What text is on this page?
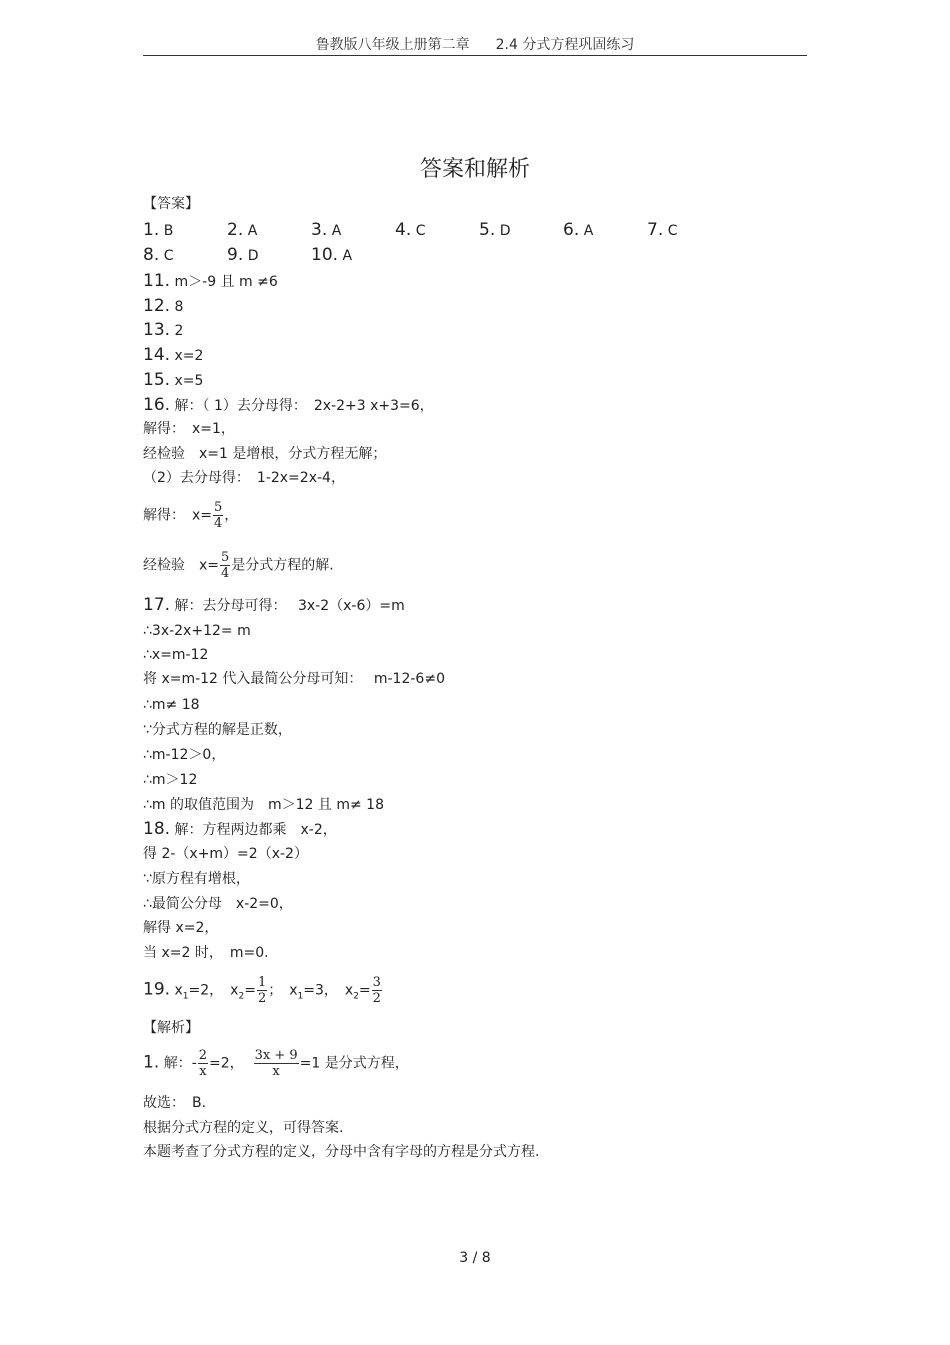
鲁教版八年级上册第二章 2.4 分式方程巩固练习
答案和解析
【答案】
1. B	2. A	3. A	4. C	5. D	6. A	7. C
8. C	9. D	10. A
11. m＞-9 且 m ≠6
12. 8
13. 2
14. x=2
15. x=5
16. 解：（ 1）去分母得：　2x-2+3 x+3=6，
解得：　x=1，
经检验　x=1 是增根，分式方程无解；
（2）去分母得：　1-2x=2x-4，
解得：　$x= \frac{5}{4}$ ，
经检验　$x= \frac{5}{4}$ 是分式方程的解.
17. 解：去分母可得：　 3x-2（x-6）=m
∴3x-2x+12= m
∴x=m-12
将 x=m-12 代入最简公分母可知：　 m-12-6≠0
∴m≠ 18
∵分式方程的解是正数，
∴m-12＞0，
∴m＞12
∴m 的取值范围为　m＞12 且 m≠ 18
18. 解：方程两边都乘　x-2，
得 2-（x+m）=2（x-2）
∵原方程有增根，
∴最简公分母　x-2=0，
解得 x=2，
当 x=2 时，　m=0.
19. $x_1=2$，　$x_2= \frac{1}{2}$ ；　$x_1=3$，　$x_2= \frac{3}{2}$
【解析】
1. 解：- $\frac{2}{x} =2$， $\frac{3x + 9}{x} =1$ 是分式方程，
故选：　B.
根据分式方程的定义，可得答案.
本题考查了分式方程的定义，分母中含有字母的方程是分式方程.
3 / 8
